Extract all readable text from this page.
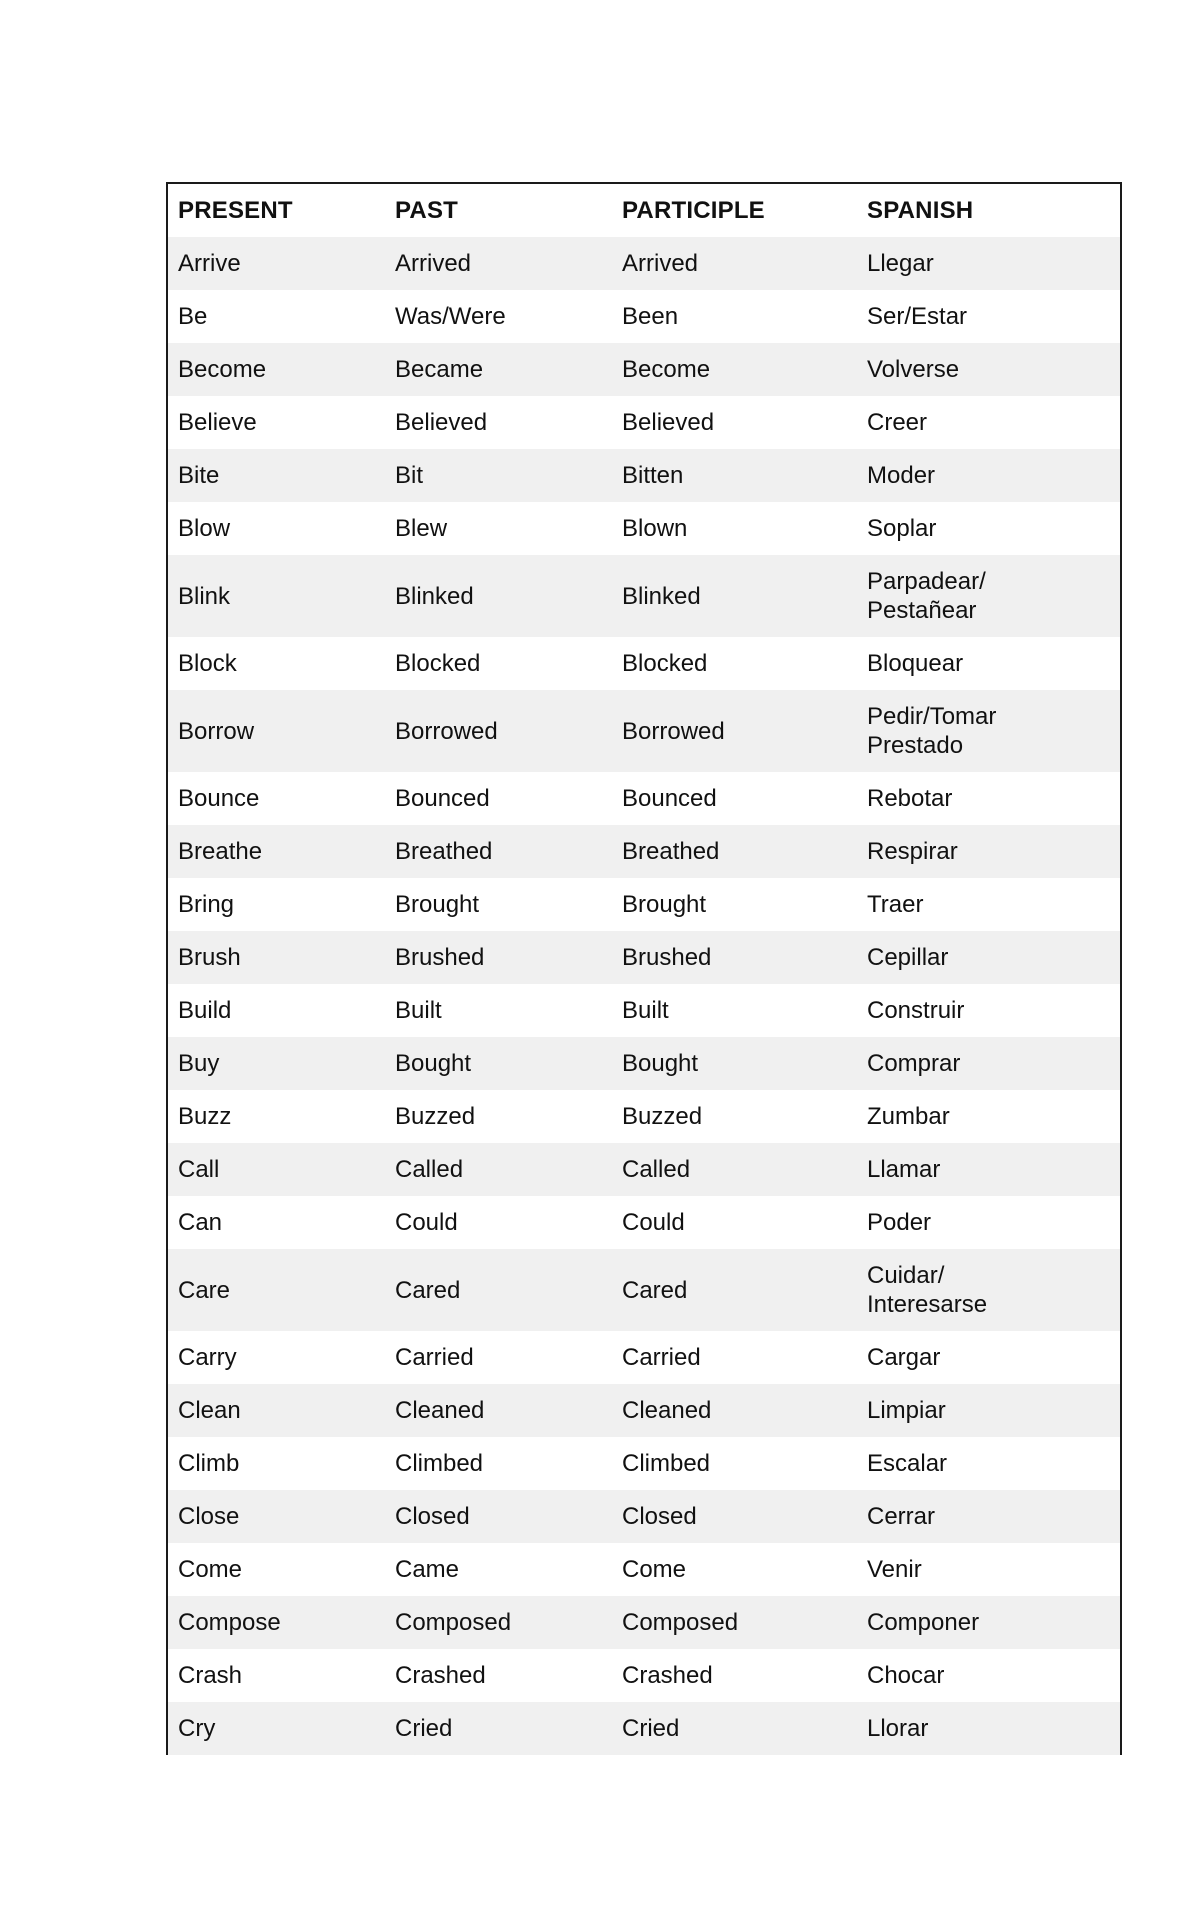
PRESENT	PAST	PARTICIPLE	SPANISH
Arrive	Arrived	Arrived	Llegar

Be	Was/Were	Been	Ser/Estar

Become	Became	Become	Volverse

Believe	Believed	Believed	Creer

Bite	Bit	Bitten	Moder

Blow	Blew	Blown	Soplar

Blink	Blinked	Blinked	Parpadear/
Pestañear

Block	Blocked	Blocked	Bloquear

Borrow	Borrowed	Borrowed	Pedir/Tomar
Prestado

Bounce	Bounced	Bounced	Rebotar

Breathe	Breathed	Breathed	Respirar

Bring	Brought	Brought	Traer

Brush	Brushed	Brushed	Cepillar

Build	Built	Built	Construir

Buy	Bought	Bought	Comprar

Buzz	Buzzed	Buzzed	Zumbar

Call	Called	Called	Llamar

Can	Could	Could	Poder

Care	Cared	Cared	Cuidar/
Interesarse

Carry	Carried	Carried	Cargar

Clean	Cleaned	Cleaned	Limpiar

Climb	Climbed	Climbed	Escalar

Close	Closed	Closed	Cerrar

Come	Came	Come	Venir

Compose	Composed	Composed	Componer

Crash	Crashed	Crashed	Chocar

Cry	Cried	Cried	Llorar
